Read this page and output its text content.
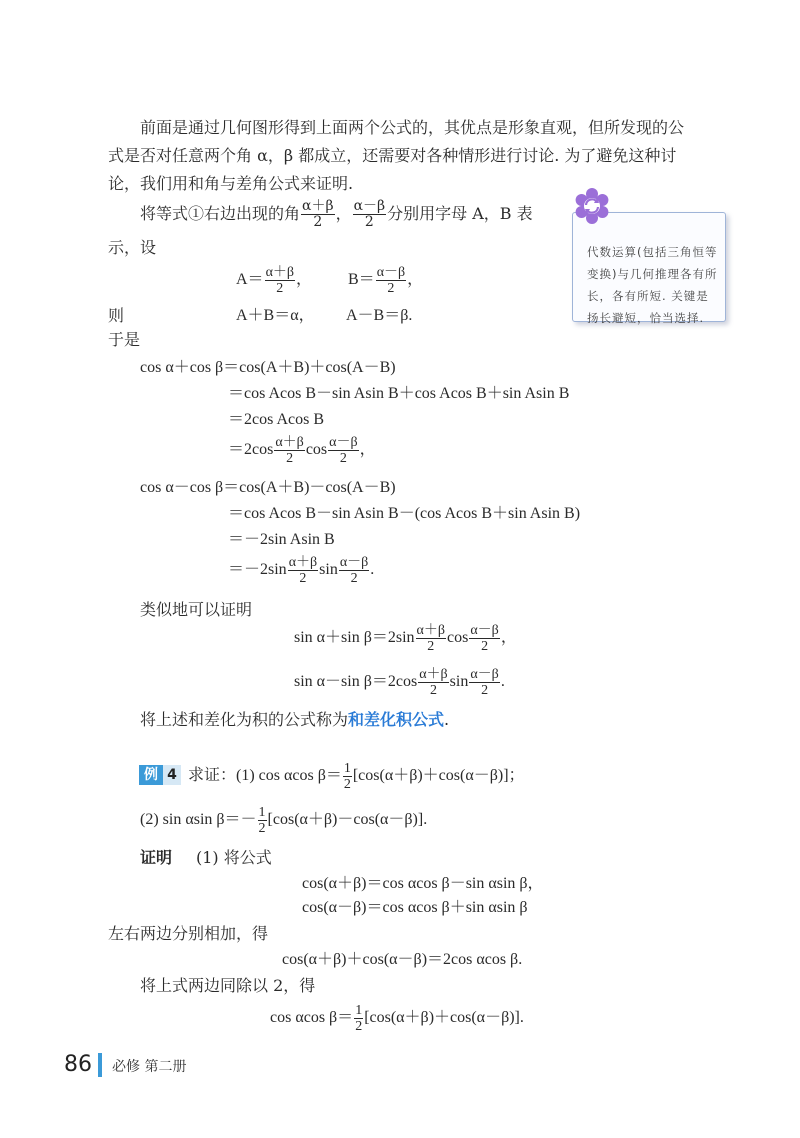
前面是通过几何图形得到上面两个公式的，其优点是形象直观，但所发现的公
式是否对任意两个角 α，β 都成立，还需要对各种情形进行讨论. 为了避免这种讨
论，我们用和角与差角公式来证明.
将等式①右边出现的角 $\frac{\alpha+\beta}{2}$ ， $\frac{\alpha-\beta}{2}$ 分别用字母 A，B 表
示，设
$A= \frac{\alpha+\beta}{2}$ ， $B= \frac{\alpha-\beta}{2}$ ，
则	A＋B＝α， A－B＝β.
于是
代数运算(包括三角恒等变换)与几何推理各有所长，各有所短. 关键是扬长避短，恰当选择.
cos α＋cos β＝cos(A＋B)＋cos(A－B)
＝cos Acos B－sin Asin B＋cos Acos B＋sin Asin B
＝2cos Acos B
$=2\cos \frac{\alpha+\beta}{2}$ $\cos \frac{\alpha-\beta}{2}$ ，
cos α－cos β＝cos(A＋B)－cos(A－B)
＝cos Acos B－sin Asin B－(cos Acos B＋sin Asin B)
＝－2sin Asin B
$=-2\sin \frac{\alpha+\beta}{2}$ $\sin \frac{\alpha-\beta}{2}$ .
类似地可以证明
sin α＋sin $\beta=2\sin \frac{\alpha+\beta}{2}$ $\cos \frac{\alpha-\beta}{2}$ ，
sin α－sin $\beta=2\cos \frac{\alpha+\beta}{2}$ $\sin \frac{\alpha-\beta}{2}$ .
将上述和差化为积的公式称为和差化积公式.
例 4 求证：(1) cos αcos $\beta= \frac{1}{2} [\cos(\alpha+\beta)+\cos(\alpha-\beta)]$；
(2) sin αsin $\beta=- \frac{1}{2} [\cos(\alpha+\beta)-\cos(\alpha-\beta)]$.
证明 (1) 将公式
cos(α＋β)＝cos αcos β－sin αsin β，
cos(α－β)＝cos αcos β＋sin αsin β
左右两边分别相加，得
cos(α＋β)＋cos(α－β)＝2cos αcos β.
将上式两边同除以 2，得
cos αcos $\beta= \frac{1}{2} [\cos(\alpha+\beta)+\cos(\alpha-\beta)]$.
86 必修 第二册
